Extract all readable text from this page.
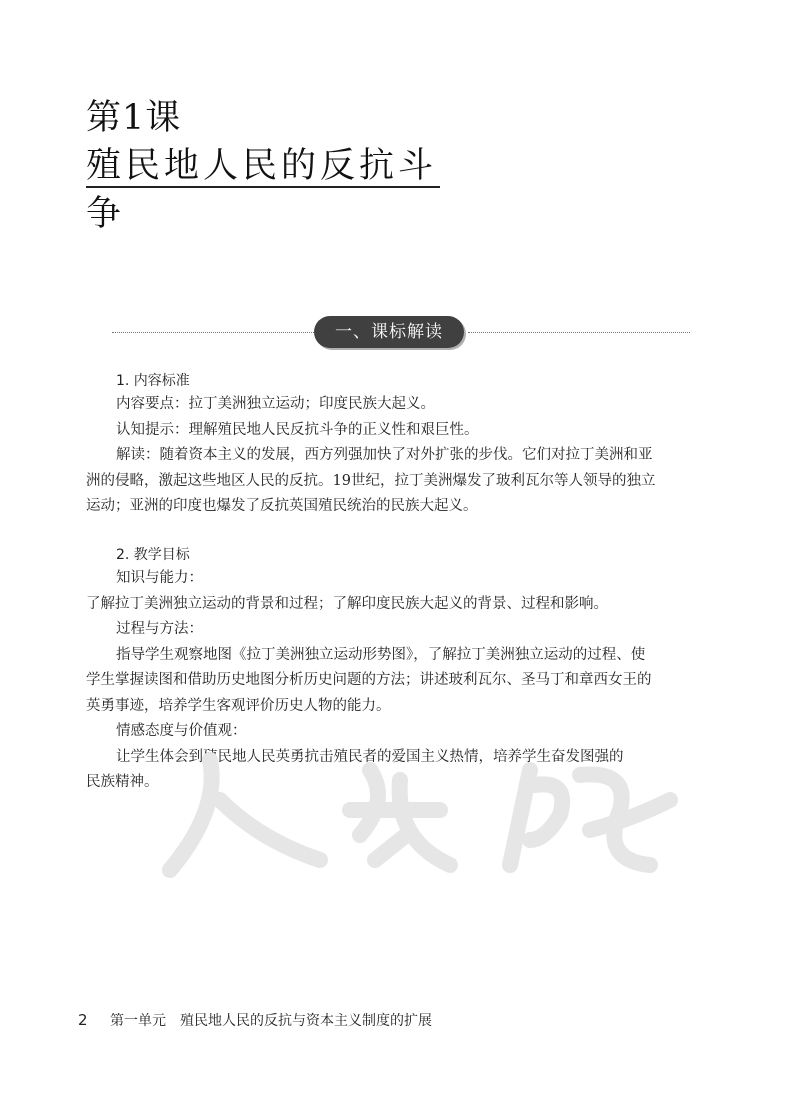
第1课
殖民地人民的反抗斗争
一、课标解读
1. 内容标准

内容要点：拉丁美洲独立运动；印度民族大起义。

认知提示：理解殖民地人民反抗斗争的正义性和艰巨性。

解读：随着资本主义的发展，西方列强加快了对外扩张的步伐。它们对拉丁美洲和亚

洲的侵略，激起这些地区人民的反抗。19世纪，拉丁美洲爆发了玻利瓦尔等人领导的独立

运动；亚洲的印度也爆发了反抗英国殖民统治的民族大起义。

2. 教学目标

知识与能力：

了解拉丁美洲独立运动的背景和过程；了解印度民族大起义的背景、过程和影响。

过程与方法：

指导学生观察地图《拉丁美洲独立运动形势图》，了解拉丁美洲独立运动的过程、使

学生掌握读图和借助历史地图分析历史问题的方法；讲述玻利瓦尔、圣马丁和章西女王的

英勇事迹，培养学生客观评价历史人物的能力。

情感态度与价值观：

让学生体会到殖民地人民英勇抗击殖民者的爱国主义热情，培养学生奋发图强的

民族精神。

2 第一单元　殖民地人民的反抗与资本主义制度的扩展
